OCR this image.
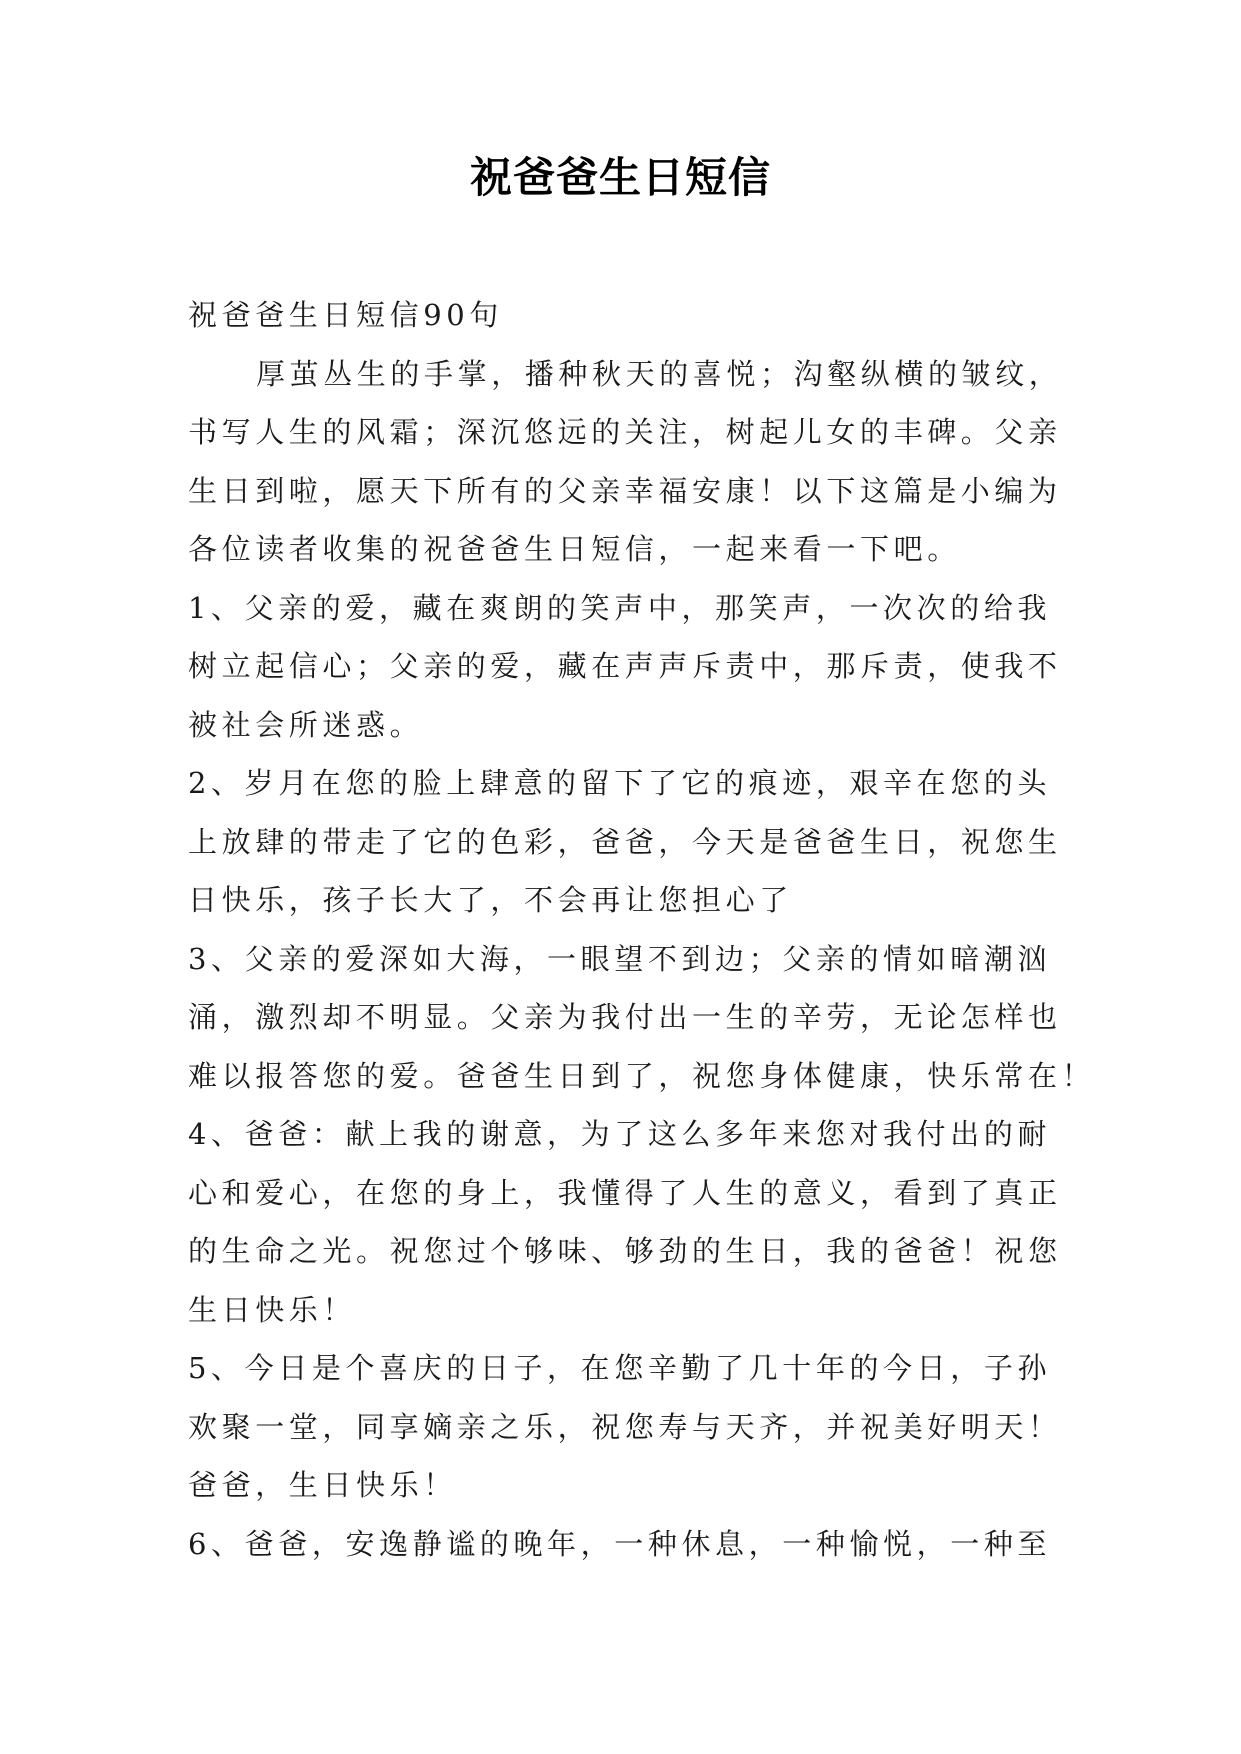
祝爸爸生日短信
祝爸爸生日短信90句
厚茧丛生的手掌，播种秋天的喜悦；沟壑纵横的皱纹，
书写人生的风霜；深沉悠远的关注，树起儿女的丰碑。父亲
生日到啦，愿天下所有的父亲幸福安康！以下这篇是小编为
各位读者收集的祝爸爸生日短信，一起来看一下吧。
1、父亲的爱，藏在爽朗的笑声中，那笑声，一次次的给我
树立起信心；父亲的爱，藏在声声斥责中，那斥责，使我不
被社会所迷惑。
2、岁月在您的脸上肆意的留下了它的痕迹，艰辛在您的头
上放肆的带走了它的色彩，爸爸，今天是爸爸生日，祝您生
日快乐，孩子长大了，不会再让您担心了
3、父亲的爱深如大海，一眼望不到边；父亲的情如暗潮汹
涌，激烈却不明显。父亲为我付出一生的辛劳，无论怎样也
难以报答您的爱。爸爸生日到了，祝您身体健康，快乐常在！
4、爸爸：献上我的谢意，为了这么多年来您对我付出的耐
心和爱心，在您的身上，我懂得了人生的意义，看到了真正
的生命之光。祝您过个够味、够劲的生日，我的爸爸！祝您
生日快乐！
5、今日是个喜庆的日子，在您辛勤了几十年的今日，子孙
欢聚一堂，同享嫡亲之乐，祝您寿与天齐，并祝美好明天！
爸爸，生日快乐！
6、爸爸，安逸静谧的晚年，一种休息，一种愉悦，一种至
